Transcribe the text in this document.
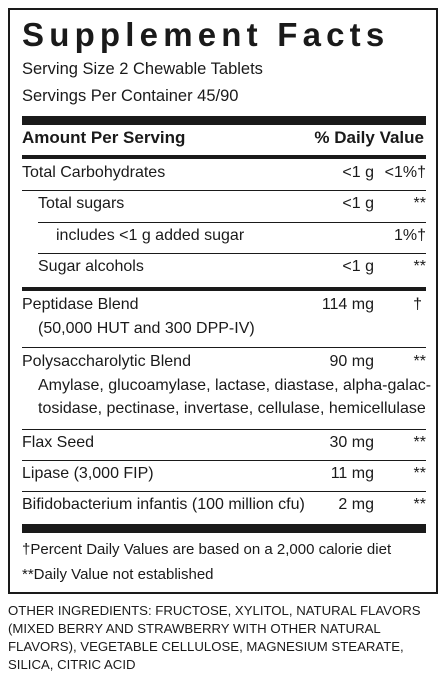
Supplement Facts
Serving Size 2 Chewable Tablets
Servings Per Container 45/90
Amount Per Serving	% Daily Value
Total Carbohydrates	<1 g <1%†
Total sugars	<1 g **
includes <1 g added sugar	1%†
Sugar alcohols	<1 g **
Peptidase Blend	114 mg †
(50,000 HUT and 300 DPP-IV)
Polysaccharolytic Blend	90 mg **
Amylase, glucoamylase, lactase, diastase, alpha-galac-
tosidase, pectinase, invertase, cellulase, hemicellulase
Flax Seed	30 mg **
Lipase (3,000 FIP)	11 mg **
Bifidobacterium infantis (100 million cfu) 2 mg **
†Percent Daily Values are based on a 2,000 calorie diet
**Daily Value not established
OTHER INGREDIENTS: FRUCTOSE, XYLITOL, NATURAL FLAVORS (MIXED BERRY AND STRAWBERRY WITH OTHER NATURAL FLAVORS), VEGETABLE CELLULOSE, MAGNESIUM STEARATE, SILICA, CITRIC ACID
